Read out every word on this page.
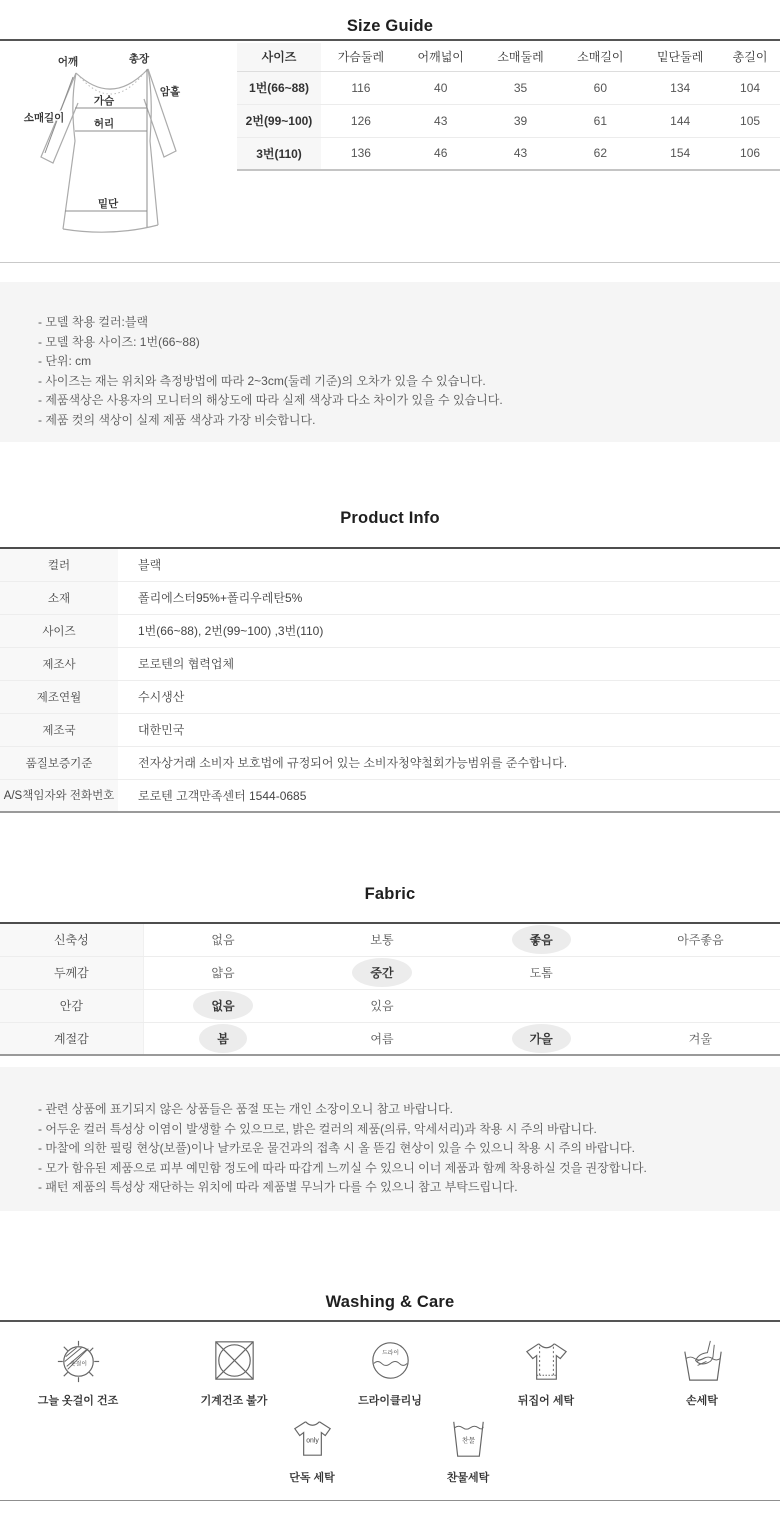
Size Guide
어깨	총장
암홀
가슴
소매길이	허리
밑단
사이즈	가슴둘레	어깨넓이	소매둘레	소매길이	밑단둘레	총길이
1번(66~88)	116	40	35	60	134	104
2번(99~100)	126	43	39	61	144	105
3번(110)	136	46	43	62	154	106

- 모델 착용 컬러:블랙

- 모델 착용 사이즈: 1번(66~88)

- 단위: cm

- 사이즈는 재는 위치와 측정방법에 따라 2~3cm(둘레 기준)의 오차가 있을 수 있습니다.

- 제품색상은 사용자의 모니터의 해상도에 따라 실제 색상과 다소 차이가 있을 수 있습니다.

- 제품 컷의 색상이 실제 제품 색상과 가장 비슷합니다.

Product Info
컬러	블랙
소재	폴리에스터95%+폴리우레탄5%
사이즈	1번(66~88), 2번(99~100) ,3번(110)
제조사	로로텐의 협력업체
제조연월	수시생산
제조국	대한민국
품질보증기준	전자상거래 소비자 보호법에 규정되어 있는 소비자청약철회가능범위를 준수합니다.
A/S책임자와 전화번호	로로텐 고객만족센터 1544-0685
Fabric
신축성	없음	보통	좋음	아주좋음
두께감	얇음	중간	도톰	
안감	없음	있음		
계절감	봄	여름	가을	겨울

- 관련 상품에 표기되지 않은 상품들은 품절 또는 개인 소장이오니 참고 바랍니다.

- 어두운 컬러 특성상 이염이 발생할 수 있으므로, 밝은 컬러의 제품(의류, 악세서리)과 착용 시 주의 바랍니다.

- 마찰에 의한 필링 현상(보풀)이나 날카로운 물건과의 접촉 시 올 뜯김 현상이 있을 수 있으니 착용 시 주의 바랍니다.

- 모가 함유된 제품으로 피부 예민함 정도에 따라 따갑게 느끼실 수 있으니 이너 제품과 함께 착용하실 것을 권장합니다.

- 패턴 제품의 특성상 재단하는 위치에 따라 제품별 무늬가 다를 수 있으니 참고 부탁드립니다.

Washing & Care
옷걸이
그늘 옷걸이 건조	기계건조 불가
드라이
드라이클리닝	뒤집어 세탁	손세탁
only
단독 세탁
찬물
찬물세탁
